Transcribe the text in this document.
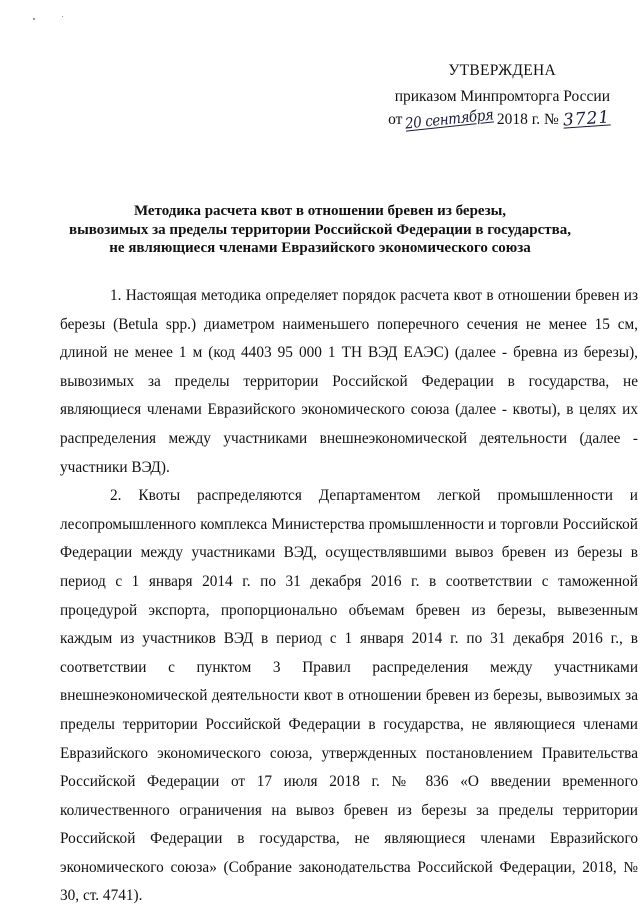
УТВЕРЖДЕНА
приказом Минпромторга России
от 20 сентября 2018 г. № 3721
Методика расчета квот в отношении бревен из березы,
вывозимых за пределы территории Российской Федерации в государства,
не являющиеся членами Евразийского экономического союза

1. Настоящая методика определяет порядок расчета квот в отношении бревен из березы (Betula spp.) диаметром наименьшего поперечного сечения не менее 15 см, длиной не менее 1 м (код 4403 95 000 1 ТН ВЭД ЕАЭС) (далее - бревна из березы), вывозимых за пределы территории Российской Федерации в государства, не являющиеся членами Евразийского экономического союза (далее - квоты), в целях их распределения между участниками внешнеэкономической деятельности (далее - участники ВЭД).

2. Квоты распределяются Департаментом легкой промышленности и лесопромышленного комплекса Министерства промышленности и торговли Российской Федерации между участниками ВЭД, осуществлявшими вывоз бревен из березы в период с 1 января 2014 г. по 31 декабря 2016 г. в соответствии с таможенной процедурой экспорта, пропорционально объемам бревен из березы, вывезенным каждым из участников ВЭД в период с 1 января 2014 г. по 31 декабря 2016 г., в соответствии с пунктом 3 Правил распределения между участниками внешнеэкономической деятельности квот в отношении бревен из березы, вывозимых за пределы территории Российской Федерации в государства, не являющиеся членами Евразийского экономического союза, утвержденных постановлением Правительства Российской Федерации от 17 июля 2018 г. № 836 «О введении временного количественного ограничения на вывоз бревен из березы за пределы территории Российской Федерации в государства, не являющиеся членами Евразийского экономического союза» (Собрание законодательства Российской Федерации, 2018, № 30, ст. 4741).
